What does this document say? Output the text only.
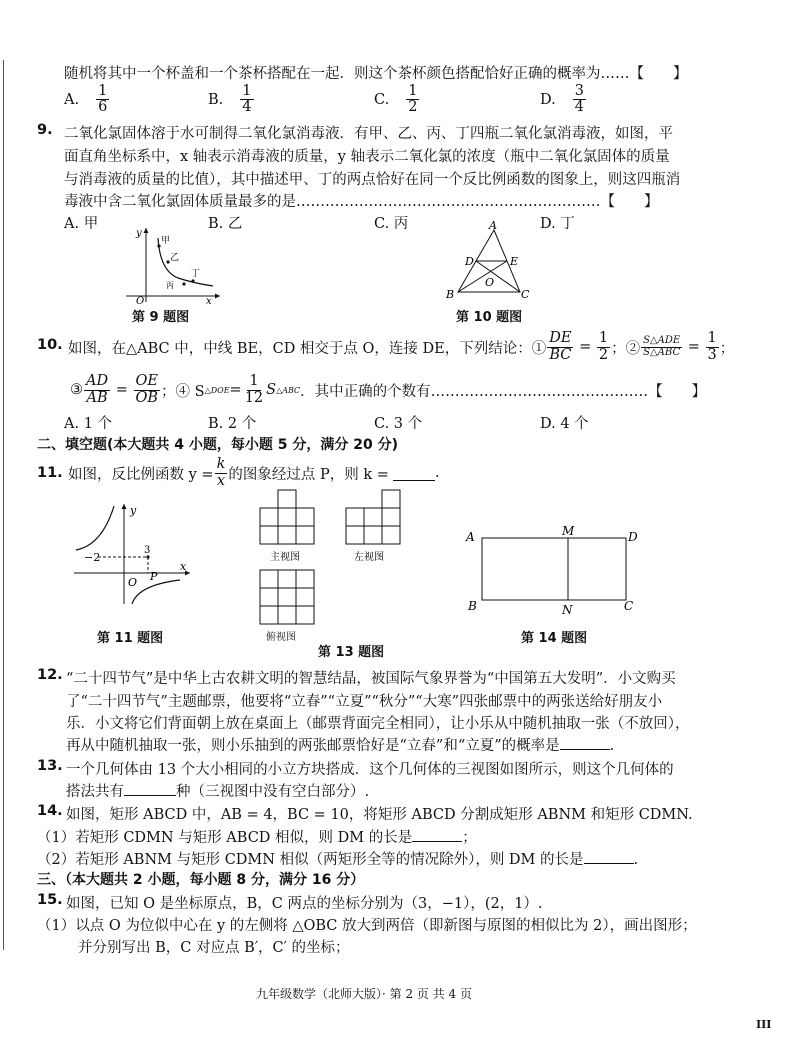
随机将其中一个杯盖和一个茶杯搭配在一起．则这个茶杯颜色搭配恰好正确的概率为……【　　】
A. $\frac{1}{6}$	B. $\frac{1}{4}$	C. $\frac{1}{2}$	D. $\frac{3}{4}$
9. 二氧化氯固体溶于水可制得二氧化氯消毒液．有甲、乙、丙、丁四瓶二氧化氯消毒液，如图，平
面直角坐标系中，x 轴表示消毒液的质量，y 轴表示二氧化氯的浓度（瓶中二氧化氯固体的质量
与消毒液的质量的比值），其中描述甲、丁的两点恰好在同一个反比例函数的图象上，则这四瓶消
毒液中含二氧化氯固体质量最多的是………………………………………………………【　　】
A. 甲	B. 乙	C. 丙	D. 丁
y
x
O
甲
乙
丙
丁
第 9 题图
A
B	C
D	E
O
第 10 题图
10. 如图，在△ABC 中，中线 BE，CD 相交于点 O，连接 DE，下列结论：① $\frac{DE}{BC} = \frac{1}{2}$ ；② $\frac{\text{S△ADE}}{\text{S△ABC}} = \frac{1}{3}$ ；
③ $\frac{AD}{AB} = \frac{OE}{OB}$ ；④ S △DOE = $\frac{1}{12}$ S △ABC ．其中正确的个数有………………………………………【　　】
A. 1 个	B. 2 个	C. 3 个	D. 4 个
二、填空题(本大题共 4 小题，每小题 5 分，满分 20 分)
11. 如图，反比例函数 $y = \frac{k}{x}$ 的图象经过点 P，则 k =	.
y
x
O
3
−2
P
第 11 题图
主视图	左视图
俯视图
第 13 题图
A	M	D
B	N	C
第 14 题图
12. “二十四节气”是中华上古农耕文明的智慧结晶，被国际气象界誉为“中国第五大发明”．小文购买
了“二十四节气”主题邮票，他要将“立春”“立夏”“秋分”“大寒”四张邮票中的两张送给好朋友小
乐．小文将它们背面朝上放在桌面上（邮票背面完全相同），让小乐从中随机抽取一张（不放回），
再从中随机抽取一张，则小乐抽到的两张邮票恰好是“立春”和“立夏”的概率是	.
13. 一个几何体由 13 个大小相同的小立方块搭成．这个几何体的三视图如图所示，则这个几何体的
搭法共有	种（三视图中没有空白部分）.
14. 如图，矩形 ABCD 中，AB = 4，BC = 10，将矩形 ABCD 分割成矩形 ABNM 和矩形 CDMN.
（1）若矩形 CDMN 与矩形 ABCD 相似，则 DM 的长是	；
（2）若矩形 ABNM 与矩形 CDMN 相似（两矩形全等的情况除外），则 DM 的长是	.
三、（本大题共 2 小题，每小题 8 分，满分 16 分）
15. 如图，已知 O 是坐标原点，B，C 两点的坐标分别为（3，−1），(2，1）.
（1）以点 O 为位似中心在 y 的左侧将 △OBC 放大到两倍（即新图与原图的相似比为 2），画出图形；
并分别写出 B，C 对应点 B′，C′ 的坐标；
九年级数学（北师大版）· 第 2 页 共 4 页
III
